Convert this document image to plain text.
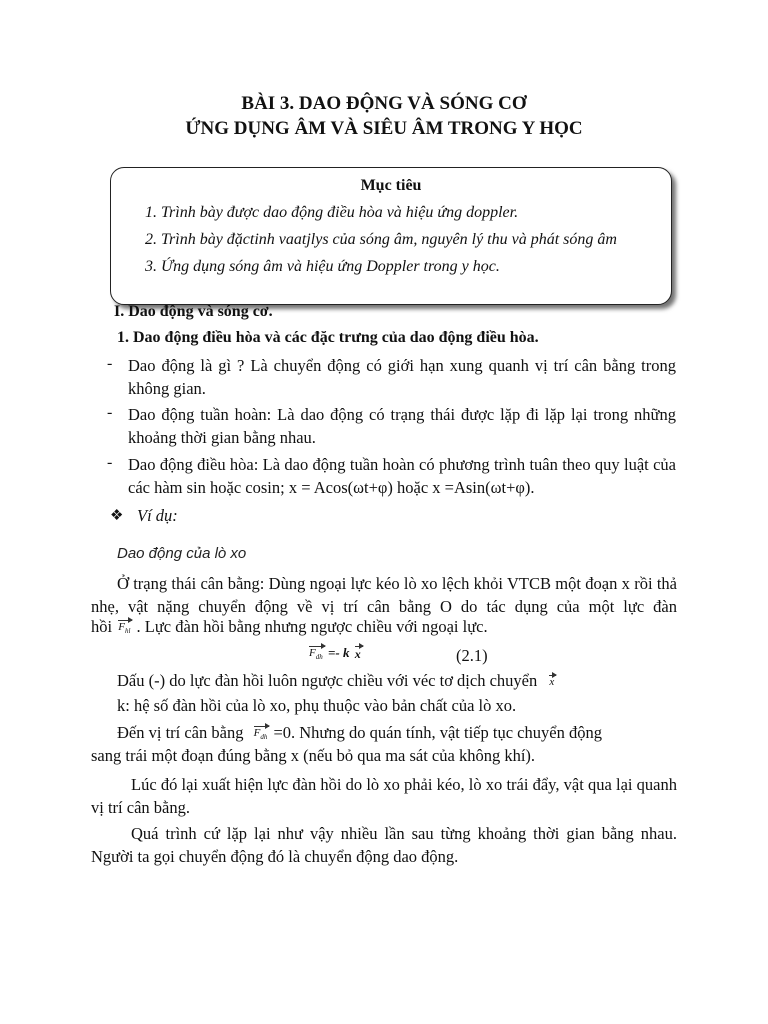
BÀI 3. DAO ĐỘNG VÀ SÓNG CƠ
ỨNG DỤNG ÂM VÀ SIÊU ÂM TRONG Y HỌC
Mục tiêu
1. Trình bày được dao động điều hòa và hiệu ứng doppler.
2. Trình bày đặctinh vaatjlys của sóng âm, nguyên lý thu và phát sóng âm
3. Ứng dụng sóng âm và hiệu ứng Doppler trong y học.
I. Dao động và sóng cơ.
1. Dao động điều hòa và các đặc trưng của dao động điều hòa.
- Dao động là gì ? Là chuyển động có giới hạn xung quanh vị trí cân bằng trong không gian.
- Dao động tuần hoàn: Là dao động có trạng thái được lặp đi lặp lại trong những khoảng thời gian bằng nhau.
- Dao động điều hòa: Là dao động tuần hoàn có phương trình tuân theo quy luật của các hàm sin hoặc cosin; x = Acos(ωt+φ) hoặc x =Asin(ωt+φ).
❖ Ví dụ:
Dao động của lò xo
Ở trạng thái cân bằng: Dùng ngoại lực kéo lò xo lệch khỏi VTCB một đoạn x rồi thả nhẹ, vật nặng chuyển động về vị trí cân bằng O do tác dụng của một lực đàn
hồi $F_{hl}$ . Lực đàn hồi bằng nhưng ngược chiều với ngoại lực.
$F_{dh} =- k$ x	(2.1)
Dấu (-) do lực đàn hồi luôn ngược chiều với véc tơ dịch chuyển x
k: hệ số đàn hồi của lò xo, phụ thuộc vào bản chất của lò xo.
Đến vị trí cân bằng $F_{dh} =0$. Nhưng do quán tính, vật tiếp tục chuyển động
sang trái một đoạn đúng bằng x (nếu bỏ qua ma sát của không khí).
Lúc đó lại xuất hiện lực đàn hồi do lò xo phải kéo, lò xo trái đẩy, vật qua lại quanh vị trí cân bằng.
Quá trình cứ lặp lại như vậy nhiều lần sau từng khoảng thời gian bằng nhau. Người ta gọi chuyển động đó là chuyển động dao động.
